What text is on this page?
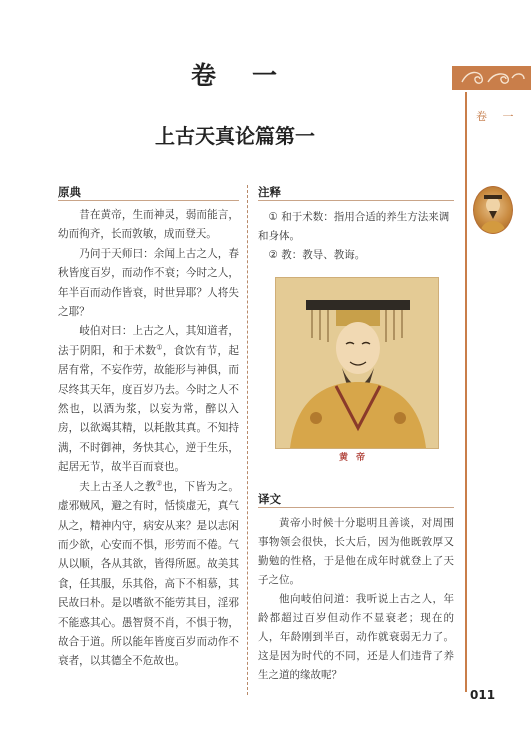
卷 一
上古天真论篇第一
卷 一
原典

昔在黄帝，生而神灵，弱而能言，幼而徇齐，长而敦敏，成而登天。

乃问于天师曰：余闻上古之人，春秋皆度百岁，而动作不衰；今时之人，年半百而动作皆衰，时世异耶？人将失之耶？

岐伯对曰：上古之人，其知道者，法于阴阳，和于术数①，食饮有节，起居有常，不妄作劳，故能形与神俱，而尽终其天年，度百岁乃去。今时之人不然也，以酒为浆，以妄为常，醉以入房，以欲竭其精，以耗散其真。不知持满，不时御神，务快其心，逆于生乐，起居无节，故半百而衰也。

夫上古圣人之教②也，下皆为之。虚邪贼风，避之有时，恬惔虚无，真气从之，精神内守，病安从来？是以志闲而少欲，心安而不惧，形劳而不倦。气从以顺，各从其欲，皆得所愿。故美其食，任其服，乐其俗，高下不相慕，其民故曰朴。是以嗜欲不能劳其目，淫邪不能惑其心。愚智贤不肖，不惧于物，故合于道。所以能年皆度百岁而动作不衰者，以其德全不危故也。

注释

① 和于术数：指用合适的养生方法来调和身体。

② 教：教导、教诲。

黄帝
译文

黄帝小时候十分聪明且善谈，对周围事物领会很快，长大后，因为他既敦厚又勤勉的性格，于是他在成年时就登上了天子之位。

他向岐伯问道：我听说上古之人，年龄都超过百岁但动作不显衰老；现在的人，年龄刚到半百，动作就衰弱无力了。这是因为时代的不同，还是人们违背了养生之道的缘故呢？

011
